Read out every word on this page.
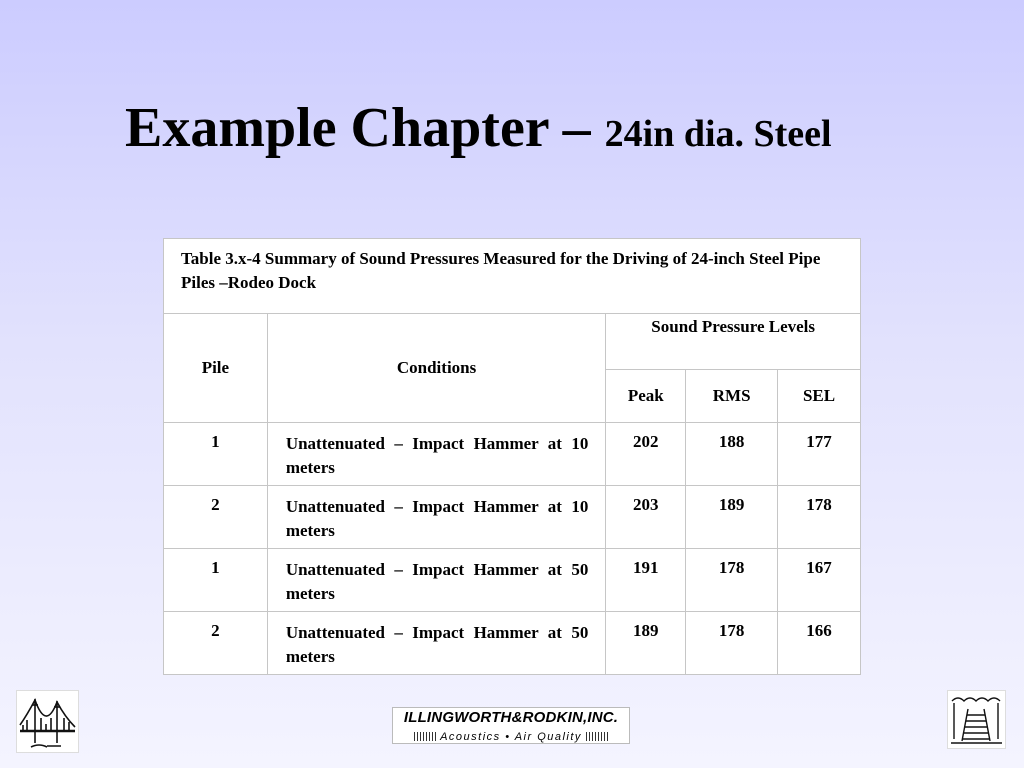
Example Chapter – 24in dia. Steel
Table 3.x-4 Summary of Sound Pressures Measured for the Driving of 24-inch Steel Pipe Piles –Rodeo Dock				
Pile	Conditions	Sound Pressure Levels		
		Peak	RMS	SEL
1	Unattenuated – Impact Hammer at 10 meters	202	188	177
2	Unattenuated – Impact Hammer at 10 meters	203	189	178
1	Unattenuated – Impact Hammer at 50 meters	191	178	167
2	Unattenuated – Impact Hammer at 50 meters	189	178	166
ILLINGWORTH&RODKIN,INC.
Acoustics • Air Quality
